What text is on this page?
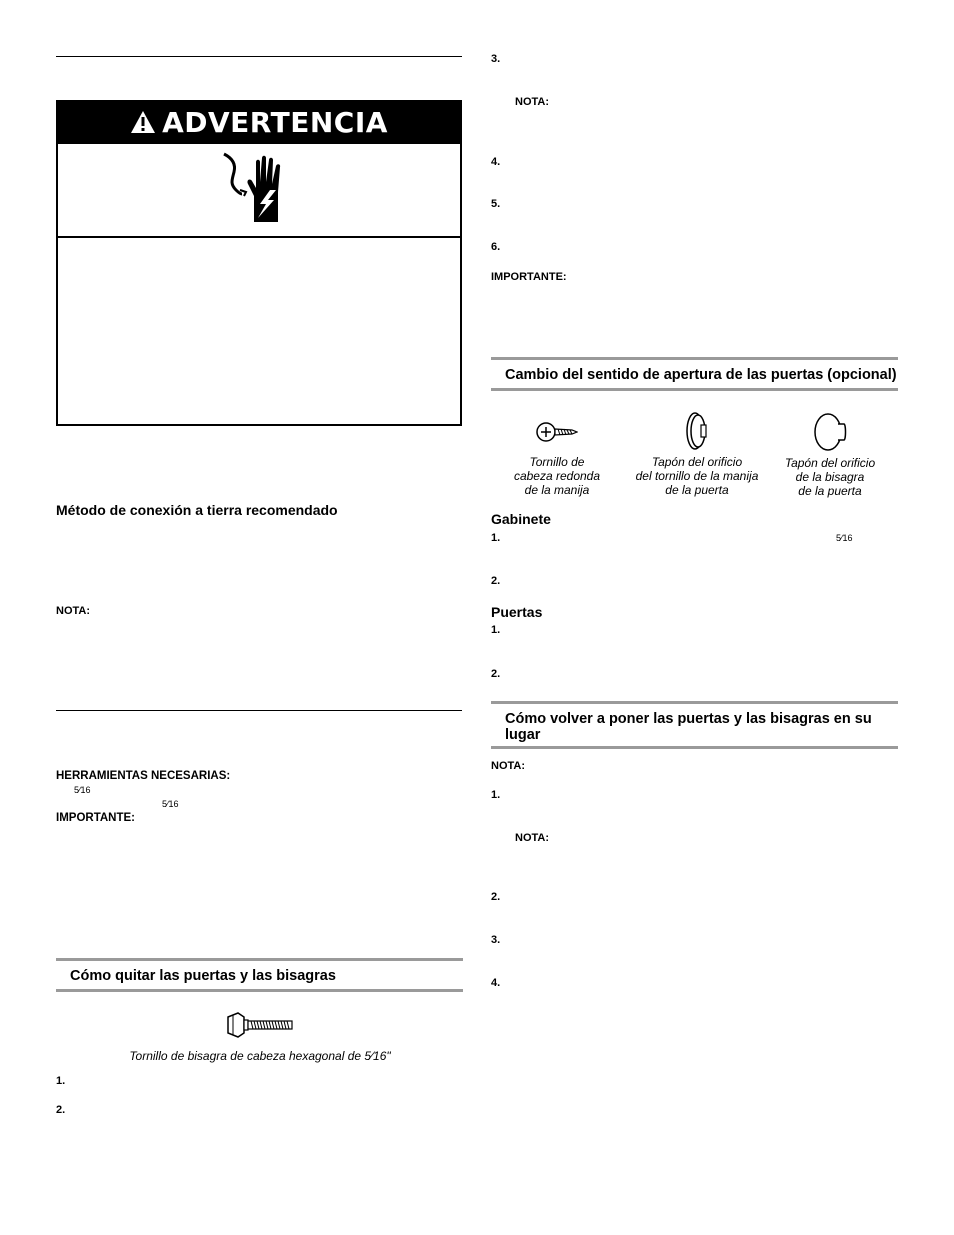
ADVERTENCIA
Método de conexión a tierra recomendado
NOTA:
HERRAMIENTAS NECESARIAS:
5⁄16
5⁄16
IMPORTANTE:
Cómo quitar las puertas y las bisagras
Tornillo de bisagra de cabeza hexagonal de 5⁄16"
1.
2.
3.
NOTA:
4.
5.
6.
IMPORTANTE:
Cambio del sentido de apertura de las puertas (opcional)
Tornillo de
cabeza redonda
de la manija
Tapón del orificio
del tornillo de la manija
de la puerta
Tapón del orificio
de la bisagra
de la puerta
Gabinete
1.	5⁄16
2.
Puertas
1.
2.
Cómo volver a poner las puertas y las bisagras en su lugar
NOTA:
1.
NOTA:
2.
3.
4.
